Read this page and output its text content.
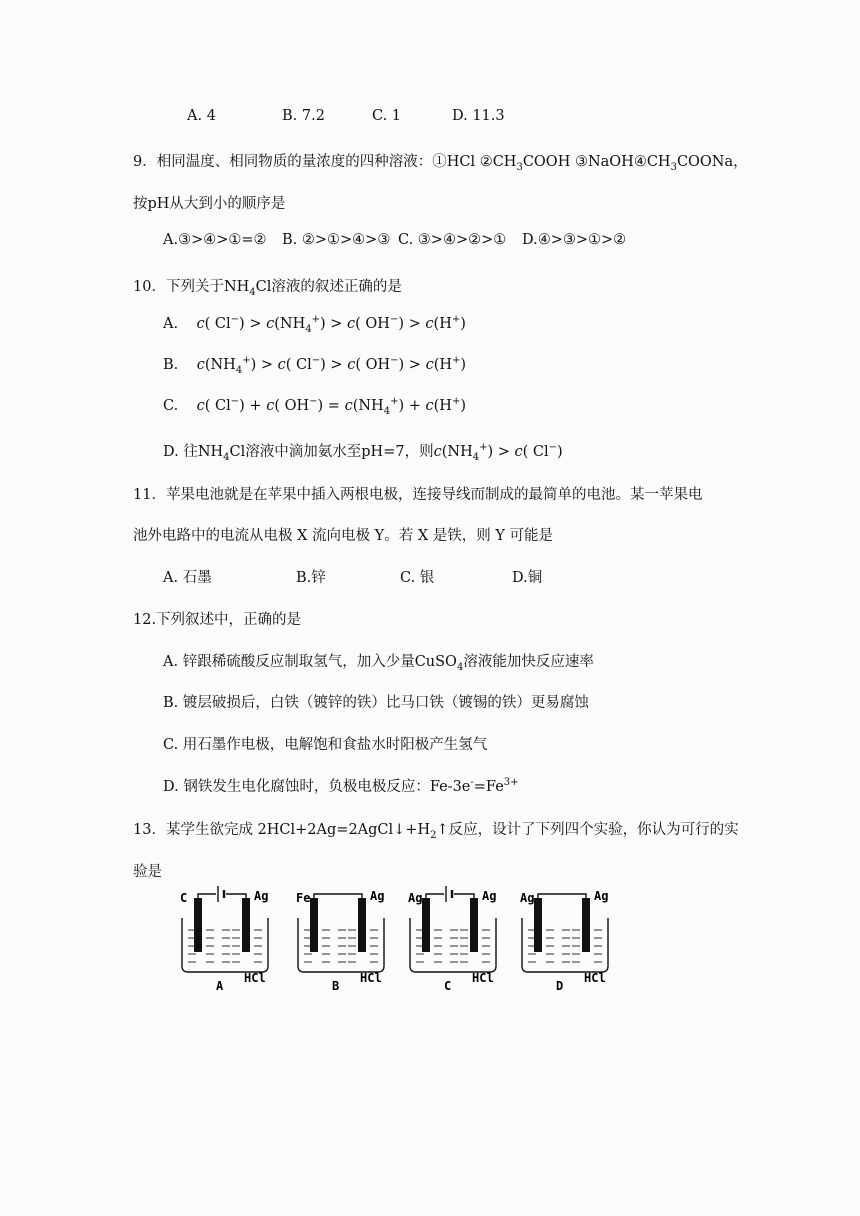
A. 4	B. 7.2	C. 1	D. 11.3
9．相同温度、相同物质的量浓度的四种溶液：①HCl $②CH_3COOH$ $③NaOH④CH_3COONa$，
按pH从大到小的顺序是
A.③>④>①=② B. ②>①>④>③ C. ③>④>②>① D.④>③>①>②
10．下列关于$NH_4Cl$溶液的叙述正确的是
A. c( $Cl^-) > c(NH_4^+) > c$( OH−) > c(H+)
B. $c(NH_4^+) > c$( Cl−) > c( OH−) > c(H+)
C. c( Cl−) + c( $OH^-) = c(NH_4^+) + c(H^+)$
D. 往$NH_4Cl$溶液中滴加氨水至pH=7，则$c(NH_4^+) > c$( Cl−)
11．苹果电池就是在苹果中插入两根电极，连接导线而制成的最简单的电池。某一苹果电
池外电路中的电流从电极 X 流向电极 Y。若 X 是铁，则 Y 可能是
A. 石墨	B.锌	C. 银	D.铜
12.下列叙述中，正确的是
A. 锌跟稀硫酸反应制取氢气，加入少量CuSO$_4$溶液能加快反应速率
B. 镀层破损后，白铁（镀锌的铁）比马口铁（镀锡的铁）更易腐蚀
C. 用石墨作电极，电解饱和食盐水时阳极产生氢气
D. 钢铁发生电化腐蚀时，负极电极反应：$Fe-3e^-=Fe^{3+}$
13．某学生欲完成 $2HCl+2Ag=2AgCl↓+H_2↑$反应，设计了下列四个实验，你认为可行的实
验是
C	Ag
HCl
A
Fe	Ag
HCl
B
Ag	Ag
HCl
C
Ag	Ag
HCl
D
